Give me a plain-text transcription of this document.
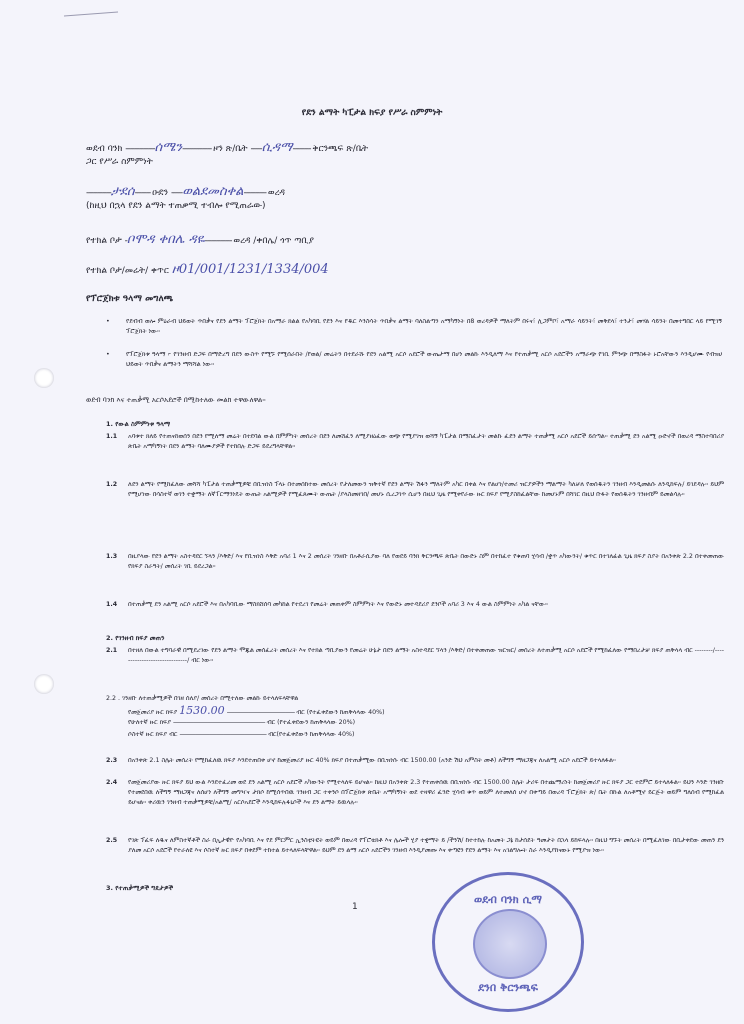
የደን ልማት ካፒታል ክፍያ የሥራ ስምምነት
ወደብ ባንክ -------------ሰሜን------------- ዞን ጽ/ቤት -----ሲዳማ-------- ቅርንጫፍ ጽ/ቤት
ጋር የሥራ ስምምነት
-----------ታደሰ------- ዑደን -----ወልደመስቀል---------- ወረዳ
(ከዚህ በኋላ የደን ልማት ተጠቃሚ ተብሎ የሚጠራው)
የተክል ቦታ -ቦሞዳ ቀበሌ ዳዬ------------ ወረዳ /ቀበሌ/ ጎጥ ጣቢያ
የተክል ቦታ/መሬት/ ቀጥር ዞ01/001/1231/1334/004
የፕሮጀክቱ ዓላማ መግለጫ
•	የደብብ ወሎ ምዕራብ ህይወት ጥበቃና የደን ልማት ፕሮጀክት በአማራ ክልል የአካባቢ የደን እና የዱር እንስሳት ጥበቃና ልማት ባለስልጣን አማካኝነት በ8 ወረዳዎች ማለትም በሩና፣ ሊጋምቦ፣ አማራ ሳይንት፣ መቅደላ፣ ተንታ፣ መሃል ሳይንት በመተግበር ላይ የሚገኝ ፕሮጀክት ነው፡፡
•	የፕሮጀክቱ ዓላማ ፦ የገንዘብ ድጋፍ በማድረግ በደን ውስጥ የሚኙ የሚሰራበት /የወል/ መሬትን በተደራሹ የደን አልሚ አርሶ አደሮች ውጤታማ በሆነ መልኩ እንዲለማ እና የተጠቃሚ አርሶ አደሮችን አማራጭ የገቢ ምንጭ በማስፋት ኑሮአቸውን እንዲሆሙ የብዝሀ ህይወት ጥበቃና ልማትን ማሻሻል ነው፡፡
ወደብ ባንክ እና ተጠቃሚ አርሶአደሮች በሚከተለው መልክ ተዋውለዋል፡፡
1. የውል ስምምነቱ ዓላማ
1.1 አባቱተ ክለይ የተጠናከወሰን በደን የሚለማ መሬት በተደባል ውል በምምነት መሰረት በደን ለመሸፈን ለሚያዘዕፈው ወጭ የሚያገዝ ወሻኝ ካፒታል በማስፈታት መልኩ ፈደን ልማት ተጠቃሚ አርሶ አደሮች ይሰጣል፡፡ ተጠቃሚ ደን አልሚ ዑድኖች በወረዳ ማስተባበሪያ ጽቤት አማካኝነት በደን ልማት ባለሙያዎች የተከበሉ ድጋፍ ይደረግላቸዋል፡፡
1.2 ለደን ልማት የሚከፈለው መሻሻ ካፒታል ተጠቃሚዎቹ በቢዝነስ ፕላኑ በተመሰከተው መሰረት የታለመውን ዝቅተኛ የደን ልማት ሽፋን ማለትም አካር በቀል እና የልሆነ/ተመሪ ዝርያዎችን ማልማት ካለቻለ የወሰዱትን ገንዘብ እንዲመልሱ ለንዲከፍሉ/ ይገደዳሉ፡፡ ይህም የሚሆነው በሳስተኛ ወገን ተቋማት ለኛፐርማንነዴት ውጤት አልሚዎች የሚፈጸሙት ውጤት /ያላስመዘገበ/ መሆኑ ሲረጋገጥ ሲሆን በዚህ ጊዜ የሚቀየራው ዙር ክፍያ የሚያስከፈልቸው ከመሆኑም በሻገር በዚህ ቡፋት የወሰዱትን ገንዘብም ይመልሳሉ፡፡
1.3 በዚያላው የደን ልማት አስተዳደር ኘላን /እቅድ/ እና የቢዝነስ እቅድ አባሪ 1 እና 2 መሰረት ገንዘቡ በአቶራሲያው ባለ የወደይ ባንክ ቅርንጫፍ ጽቤት በውድኑ ስም በተከፈተ የቁጠባ ሂሳብ /ቋጥ አካውንት/ ቁጥር በተገለፊል ጊዜ ክፍያ ስያት በአንቀጽ 2.2 በተቀመጠው የክፍያ ስራዓት/ መሰረት ገቢ ይደረጋል፡፡
1.4 በተጠቃሚ ደን አልሚ አርሶ አደሮች እና በአካባቢው ማስክሸሰባ መካከል የተደረገ የመሬት መጠቀም ስምምነት እና የውድኑ መተዳደሪያ ደንቦች አባሪ 3 እና 4 ውል ስምምነት አካል ናቸው፡፡
2. የገንዘብ ክፍያ መጠን
2.1 በተዘለ በውል ተግባራዊ በሚደረገው የደን ልማት ሞጁል መሰፈረት መሰረት እና የተክል ጣቢያውን የመሬት ሁኔታ በደን ልማት አስተዳደር ኘላን /እቅድ/ በተቀመጠው ዝርዝር/ መሰረት ለተጠቃሚ አርሶ አደሮች የሚከፈለው የማበረታቻ ክፍያ ጠቅላላ ብር --------/------------------------------/ ብር ነው፡፡
2.2 . ገንዘቡ ለተጠቃሚዎች በገዘ ሰለያ/ መሰረት በሚተለው መልኩ ይተላለፍላቸዋል
የመጀመሪያ ዙር ክፍያ 1530.00 ----------------------------------------------------- ብር (የተፈቀደውን ከጠቅላላው 40%)
የሁለተኛ ዙር ክፍያ ------------------------------------------------------------------------ ብር (የተፈቀደውን ከጠቅላላው 20%)
ሶስተኛ ዙር ክፍያ ብር -------------------------------------------------------------------- ብር(የተፈቀደውን ከጠቅላላው 40%)
2.3 በአንቀጽ 2.1 ስሌት መሰረት የሚከፈለዉ ክፍያ እንደተጠበቀ ሆኖ ከመጀመሪያ ዙር 40% ክፍያ በተጠቃሚው በቢዝነሱ ብር 1500.00 (አንድ ሽህ አምስት መቶ) ለችግኝ ማዘጋጃና ለአልሚ አርሶ አደሮች ይተላለፋል፡፡
2.4 የመጀመሪያው ዙር ክፍያ ይህ ውል እንደተፈረመ ወደ ደን አልሚ አርሶ አደሮች አካውንት የሚተላለፍ ይሆናል፡፡ ከዚህ በአንቀጽ 2.3 የተጠቀሰዉ በቢዝነሱ ብር 1500.00 ስሌት ታሪፍ በተጨማሪነት ከመጀመሪያ ዙር ክፍያ ጋር ተደምሮ ይተላለፋል፡፡ ይህን እንድ ገንዘቡ የተመደበዉ ለችግኝ ማዘጋጃና ለሰሆነ ለችግኝ መግዣና ታክሶ ከሚሰጥበዉ ገንዘብ ጋር ተቀንሶ በፕሮጀክቱ ጽቤት አማካኝነት ወደ ተዛዋሪ ፈንድ ሂሳብ ቁጥ ወይም ለተመለሰ ሆኖ በቀጣይ በወረዳ ፕሮጀክት ጽ/ ቤት በኩል ለአቶሚኖ ይርጅት ወይም ግለሰብ የሚከፈል ይሆናል፡፡ ቀሪዉን ገንዘብ ተጠቃሚዎቹ/አልሚ/ አርሶአደሮች እንዲከፍሉፋኒሶች እና ደን ልማት ይዉላሉ፡፡
2.5 የገጽ ፕፈፍ ለዱና ለምስተኛቶች ስራ በኢታዊዮ የአካባቢ እና የደ ምርምር ኢንስቲትዩት ወይም በወረዳ የፕሮቴክቶ እና ሌሎች ሂያ ተቋማት ይ /ችንሽ/ ከተተከሉ ከአመት ጋኔ ከታሰደት ዓመታት በኋላ ይከፍላሉ፡፡ በዚህ ግኙት መሰረት በሚፈለገው በቢታቀደው መጠን ደን ያለመ አርሶ አደሮች የተራለዩ እና ሶስተኛ ዙር ክፍያ በቀደም ተከተል ይተላለፍላቸዋል፡፡ ይህም ደን ልማ አርሶ አደሮችን ገንዘብ እንዲያመጡ እና ቀጣዩን የደን ልማት እና አገልግሎት ስራ እንዲያከናውኑ የሚያዝ ነው፡፡
3. የተጠቃሚዎች ግዴታዎች
1
ወደብ ባንክ ሲማ
ደንበ ቅርንጫፍ
